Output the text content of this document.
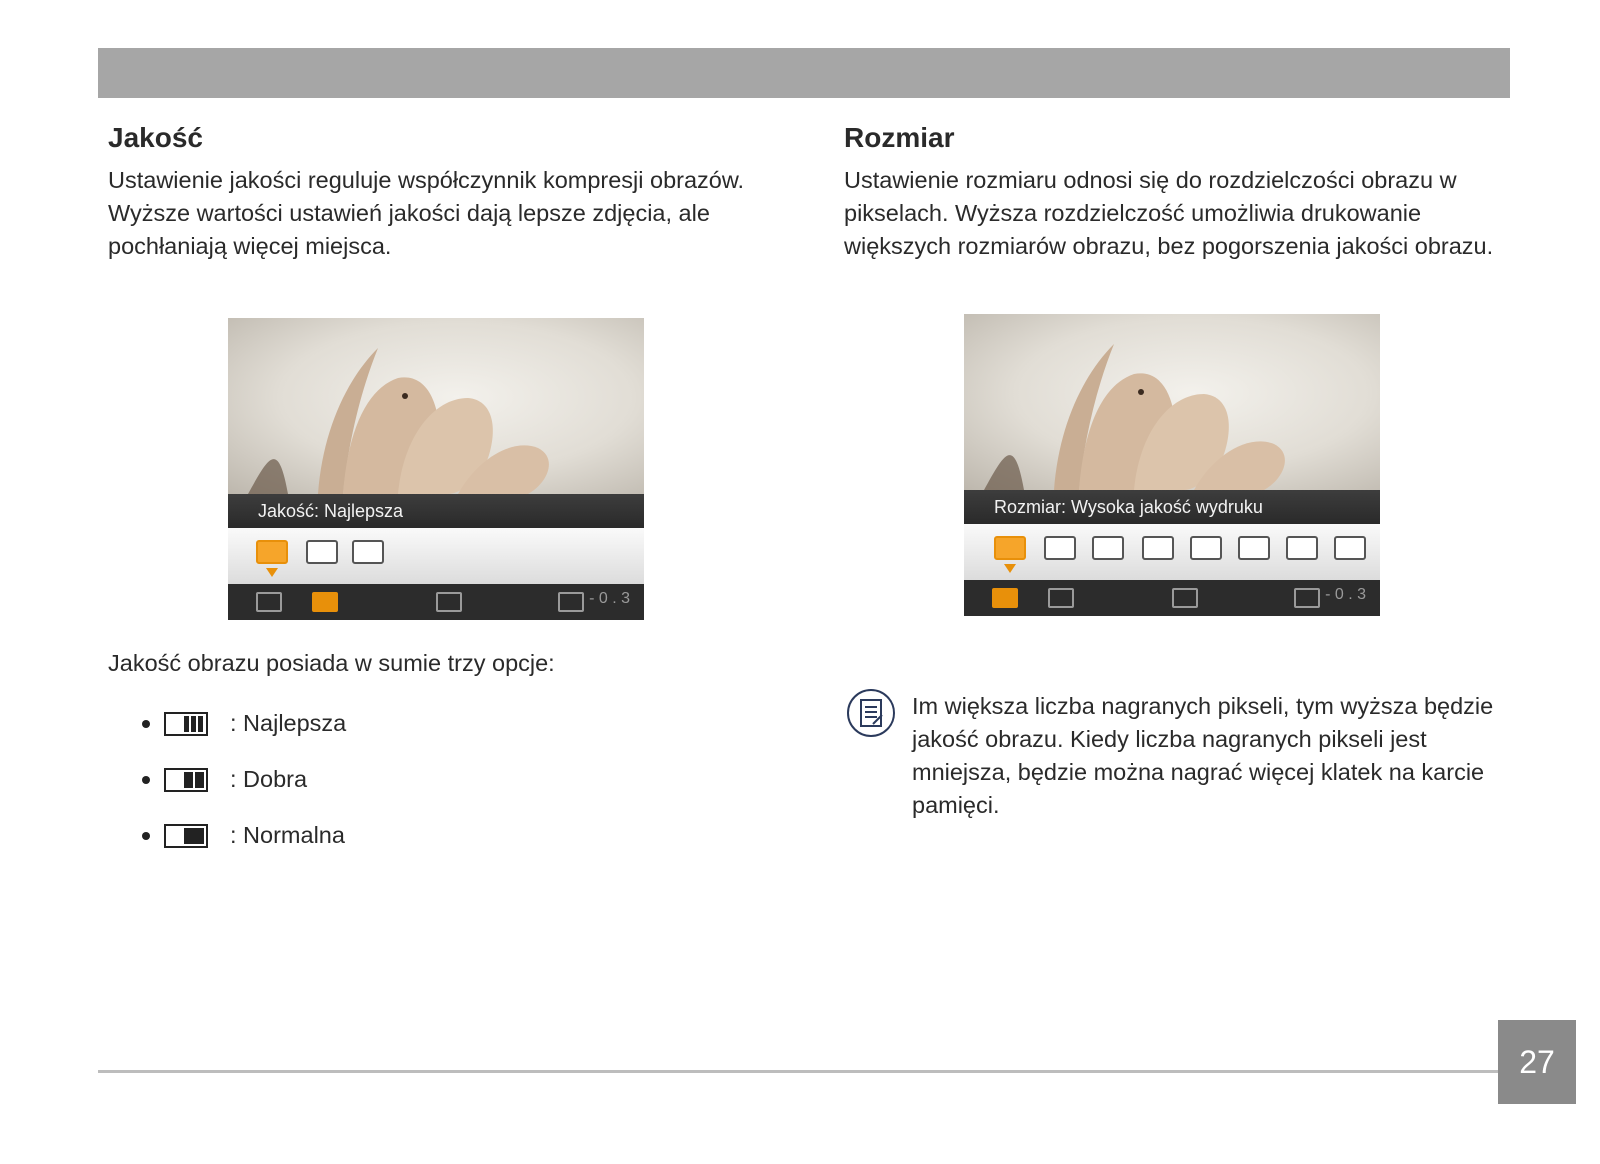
Jakość

Ustawienie jakości reguluje współczynnik kompresji obrazów. Wyższe wartości ustawień jakości dają lepsze zdjęcia, ale pochłaniają więcej miejsca.

Jakość: Najlepsza
- 0 . 3
Jakość obrazu posiada w sumie trzy opcje:
: Najlepsza
: Dobra
: Normalna
Rozmiar

Ustawienie rozmiaru odnosi się do rozdzielczości obrazu w pikselach. Wyższa rozdzielczość umożliwia drukowanie większych rozmiarów obrazu, bez pogorszenia jakości obrazu.

Rozmiar: Wysoka jakość wydruku
- 0 . 3

Im większa liczba nagranych pikseli, tym wyższa będzie jakość obrazu. Kiedy liczba nagranych pikseli jest mniejsza, będzie można nagrać więcej klatek na karcie pamięci.

27
